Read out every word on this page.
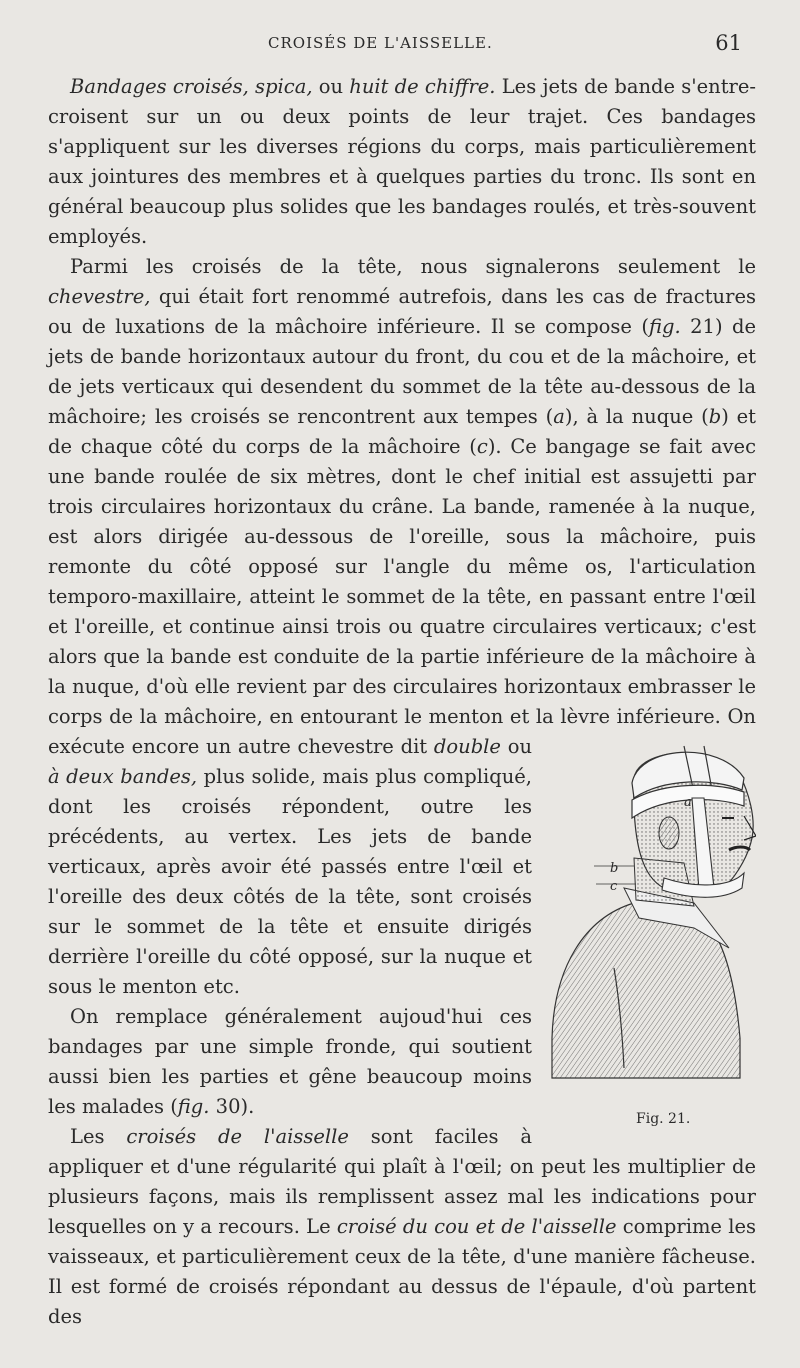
CROISÉS DE L'AISSELLE.	61

Bandages croisés, spica, ou huit de chiffre. Les jets de bande s'entre-croisent sur un ou deux points de leur trajet. Ces bandages s'appliquent sur les diverses régions du corps, mais particulièrement aux jointures des membres et à quelques parties du tronc. Ils sont en général beaucoup plus solides que les bandages roulés, et très-souvent employés.

Parmi les croisés de la tête, nous signalerons seulement le chevestre, qui était fort renommé autrefois, dans les cas de fractures ou de luxations de la mâchoire inférieure. Il se compose (fig. 21) de jets de bande horizontaux autour du front, du cou et de la mâchoire, et de jets verticaux qui desendent du sommet de la tête au-dessous de la mâchoire; les croisés se rencontrent aux tempes (a), à la nuque (b) et de chaque côté du corps de la mâchoire (c). Ce bangage se fait avec une bande roulée de six mètres, dont le chef initial est assujetti par trois circulaires horizontaux du crâne. La bande, ramenée à la nuque, est alors dirigée au-dessous de l'oreille, sous la mâchoire, puis remonte du côté opposé sur l'angle du même os, l'articulation temporo-maxillaire, atteint le sommet de la tête, en passant entre l'œil et l'oreille, et continue ainsi trois ou quatre circulaires verticaux; c'est alors que la bande est conduite de la partie inférieure de la mâchoire à la nuque, d'où elle revient par des circulaires horizontaux embrasser le corps de la mâchoire, en entourant le menton et la lèvre inférieure. On exécute encore un autre chevestre dit
a
b
c
Fig. 21.
double ou à deux bandes, plus solide, mais plus compliqué, dont les croisés répondent, outre les précédents, au vertex. Les jets de bande verticaux, après avoir été passés entre l'œil et l'oreille des deux côtés de la tête, sont croisés sur le sommet de la tête et ensuite dirigés derrière l'oreille du côté opposé, sur la nuque et sous le menton etc.

On remplace généralement aujoud'hui ces bandages par une simple fronde, qui soutient aussi bien les parties et gêne beaucoup moins les malades (fig. 30).

Les croisés de l'aisselle sont faciles à appliquer et d'une régularité qui plaît à l'œil; on peut les multiplier de plusieurs façons, mais ils remplissent assez mal les indications pour lesquelles on y a recours. Le croisé du cou et de l'aisselle comprime les vaisseaux, et particulièrement ceux de la tête, d'une manière fâcheuse. Il est formé de croisés répondant au dessus de l'épaule, d'où partent des
